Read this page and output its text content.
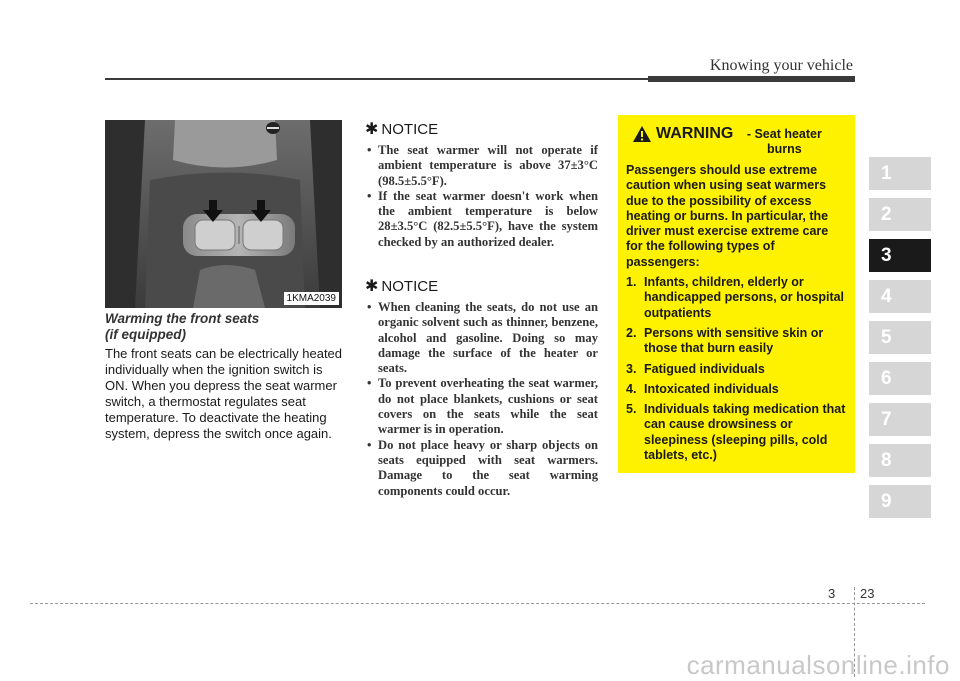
Knowing your vehicle
1
2
3
4
5
6
7
8
9
1KMA2039
Warming the front seats
(if equipped)
The front seats can be electrically heated individually when the ignition switch is ON. When you depress the seat warmer switch, a thermostat regulates seat temperature. To deactivate the heating system, depress the switch once again.
✱ NOTICE
• The seat warmer will not operate if ambient temperature is above 37±3°C (98.5±5.5°F).
• If the seat warmer doesn't work when the ambient temperature is below 28±3.5°C (82.5±5.5°F), have the system checked by an authorized dealer.
✱ NOTICE
• When cleaning the seats, do not use an organic solvent such as thinner, benzene, alcohol and gasoline. Doing so may damage the surface of the heater or seats.
• To prevent overheating the seat warmer, do not place blankets, cushions or seat covers on the seats while the seat warmer is in operation.
• Do not place heavy or sharp objects on seats equipped with seat warmers. Damage to the seat warming components could occur.
WARNING	- Seat heater burns
Passengers should use extreme caution when using seat warmers due to the possibility of excess heating or burns. In particular, the driver must exercise extreme care for the following types of passengers:
1. Infants, children, elderly or handicapped persons, or hospital outpatients
2. Persons with sensitive skin or those that burn easily
3. Fatigued individuals
4. Intoxicated individuals
5. Individuals taking medication that can cause drowsiness or sleepiness (sleeping pills, cold tablets, etc.)
3 23
carmanualsonline.info
